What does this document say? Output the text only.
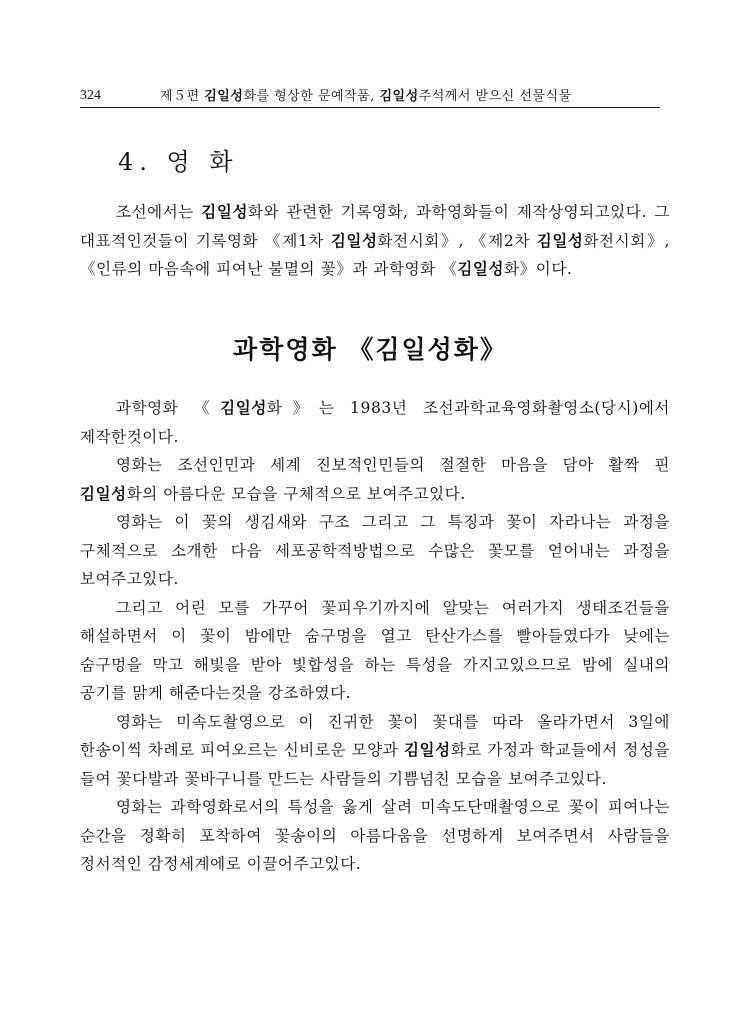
324	제５편 김일성화를 형상한 문예작품, 김일성주석께서 받으신 선물식물
4. 영 화

조선에서는 김일성화와 관련한 기록영화, 과학영화들이 제작상영되고있다. 그 대표적인것들이 기록영화 《제1차 김일성화전시회》, 《제2차 김일성화전시회》, 《인류의 마음속에 피여난 불멸의 꽃》과 과학영화 《김일성화》이다.

과학영화 《김일성화》
과학영화 《김일성화》는 1983년 조선과학교육영화촬영소(당시)에서 제작한것이다.
영화는 조선인민과 세계 진보적인민들의 절절한 마음을 담아 활짝 핀 김일성화의 아름다운 모습을 구체적으로 보여주고있다.
영화는 이 꽃의 생김새와 구조 그리고 그 특징과 꽃이 자라나는 과정을 구체적으로 소개한 다음 세포공학적방법으로 수많은 꽃모를 얻어내는 과정을 보여주고있다.
그리고 어린 모를 가꾸어 꽃피우기까지에 알맞는 여러가지 생태조건들을 해설하면서 이 꽃이 밤에만 숨구멍을 열고 탄산가스를 빨아들였다가 낮에는 숨구멍을 막고 해빛을 받아 빛합성을 하는 특성을 가지고있으므로 밤에 실내의 공기를 맑게 해준다는것을 강조하였다.
영화는 미속도촬영으로 이 진귀한 꽃이 꽃대를 따라 올라가면서 3일에 한송이씩 차례로 피여오르는 신비로운 모양과 김일성화로 가정과 학교들에서 정성을 들여 꽃다발과 꽃바구니를 만드는 사람들의 기쁨넘친 모습을 보여주고있다.
영화는 과학영화로서의 특성을 옳게 살려 미속도단매촬영으로 꽃이 피여나는 순간을 정확히 포착하여 꽃송이의 아름다움을 선명하게 보여주면서 사람들을 정서적인 감정세계에로 이끌어주고있다.
